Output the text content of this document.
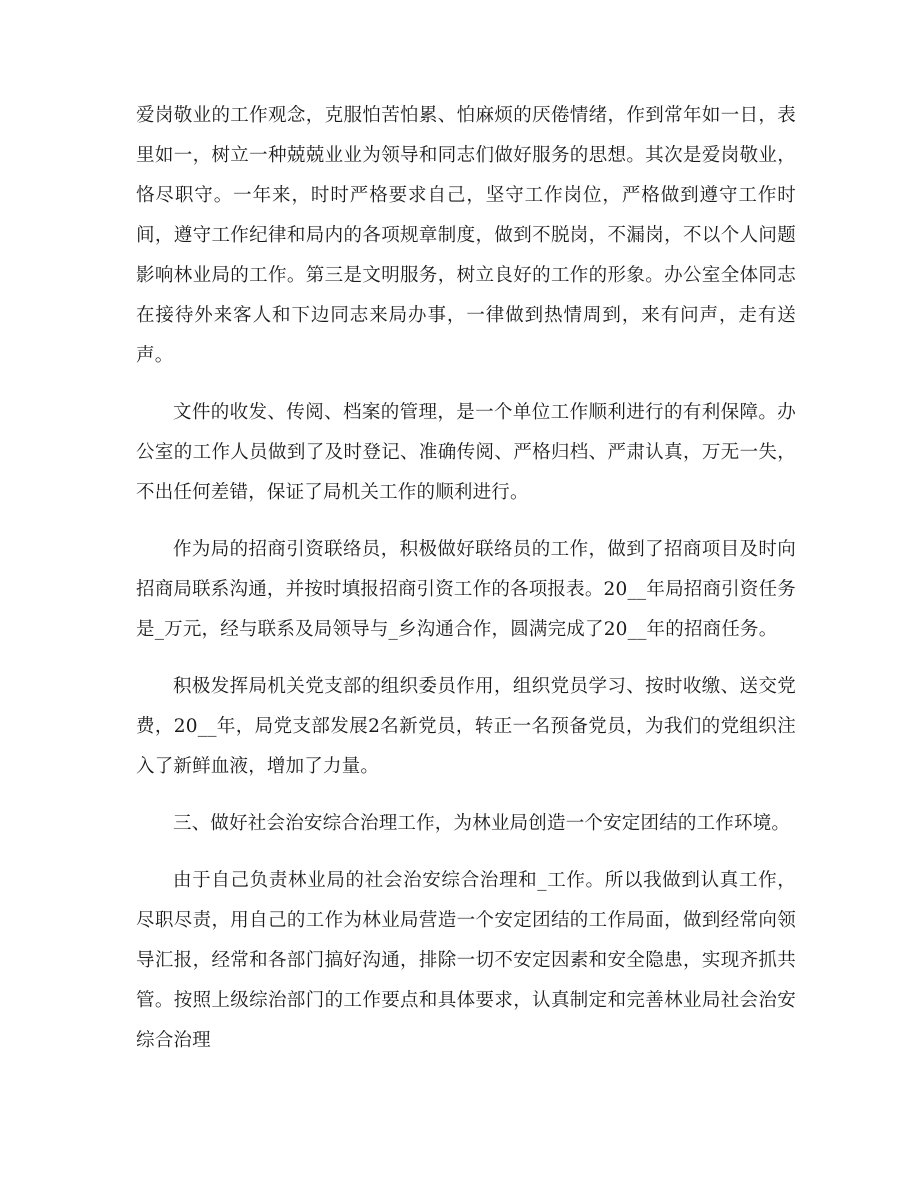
爱岗敬业的工作观念，克服怕苦怕累、怕麻烦的厌倦情绪，作到常年如一日，表里如一，树立一种兢兢业业为领导和同志们做好服务的思想。其次是爱岗敬业，恪尽职守。一年来，时时严格要求自己，坚守工作岗位，严格做到遵守工作时间，遵守工作纪律和局内的各项规章制度，做到不脱岗，不漏岗，不以个人问题影响林业局的工作。第三是文明服务，树立良好的工作的形象。办公室全体同志在接待外来客人和下边同志来局办事，一律做到热情周到，来有问声，走有送声。

文件的收发、传阅、档案的管理，是一个单位工作顺利进行的有利保障。办公室的工作人员做到了及时登记、准确传阅、严格归档、严肃认真，万无一失，不出任何差错，保证了局机关工作的顺利进行。

作为局的招商引资联络员，积极做好联络员的工作，做到了招商项目及时向招商局联系沟通，并按时填报招商引资工作的各项报表。20__年局招商引资任务是_万元，经与联系及局领导与_乡沟通合作，圆满完成了20__年的招商任务。

积极发挥局机关党支部的组织委员作用，组织党员学习、按时收缴、送交党费，20__年，局党支部发展2名新党员，转正一名预备党员，为我们的党组织注入了新鲜血液，增加了力量。

三、做好社会治安综合治理工作，为林业局创造一个安定团结的工作环境。

由于自己负责林业局的社会治安综合治理和_工作。所以我做到认真工作，尽职尽责，用自己的工作为林业局营造一个安定团结的工作局面，做到经常向领导汇报，经常和各部门搞好沟通，排除一切不安定因素和安全隐患，实现齐抓共管。按照上级综治部门的工作要点和具体要求，认真制定和完善林业局社会治安综合治理
